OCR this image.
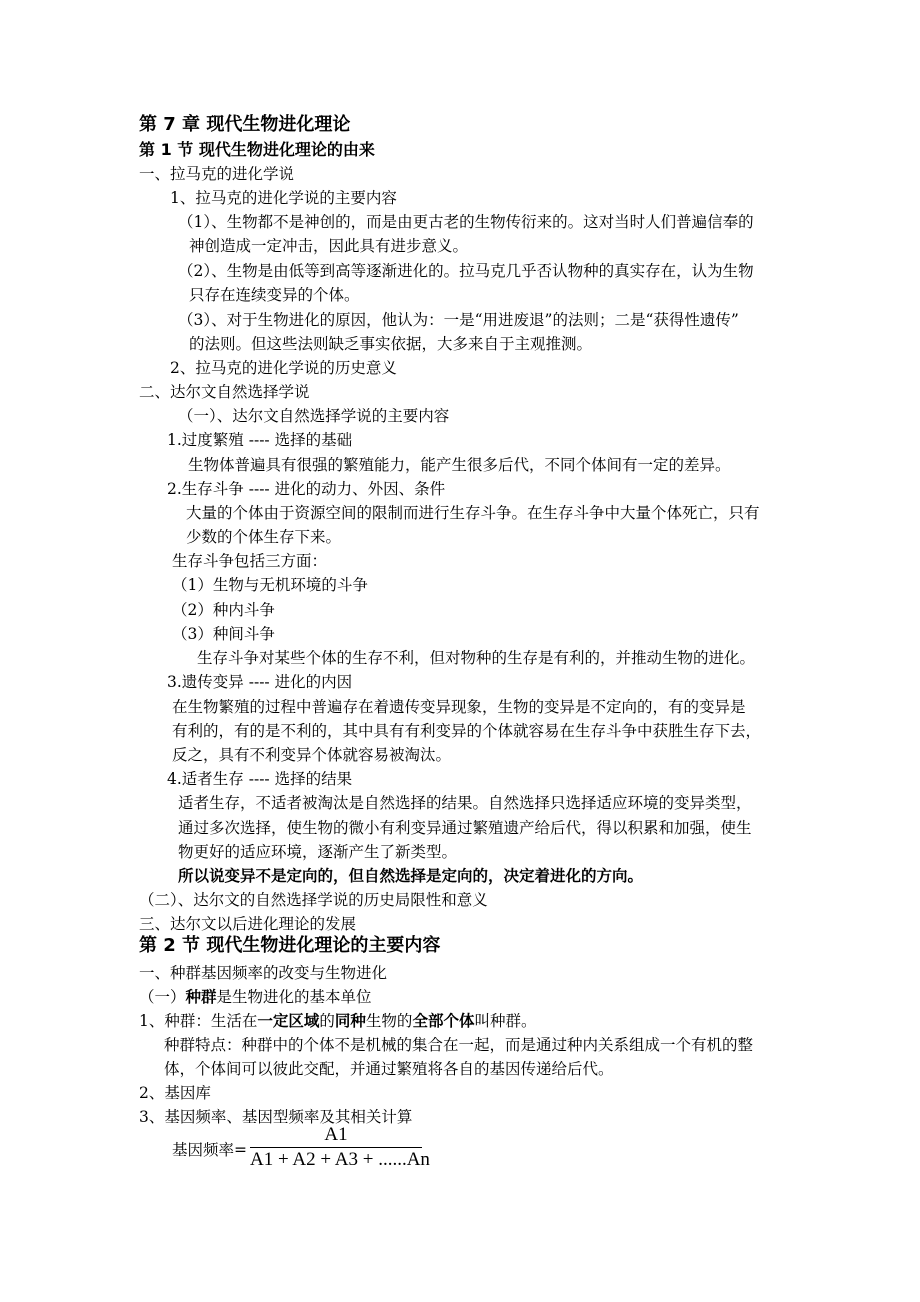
第 7 章 现代生物进化理论
第 1 节 现代生物进化理论的由来
一、拉马克的进化学说
1、拉马克的进化学说的主要内容
（1）、生物都不是神创的，而是由更古老的生物传衍来的。这对当时人们普遍信奉的
神创造成一定冲击，因此具有进步意义。
（2）、生物是由低等到高等逐渐进化的。拉马克几乎否认物种的真实存在，认为生物
只存在连续变异的个体。
（3）、对于生物进化的原因，他认为：一是“用进废退”的法则；二是“获得性遗传”
的法则。但这些法则缺乏事实依据，大多来自于主观推测。
2、拉马克的进化学说的历史意义
二、达尔文自然选择学说
（一）、达尔文自然选择学说的主要内容
1.过度繁殖 ---- 选择的基础
生物体普遍具有很强的繁殖能力，能产生很多后代，不同个体间有一定的差异。
2.生存斗争 ---- 进化的动力、外因、条件
大量的个体由于资源空间的限制而进行生存斗争。在生存斗争中大量个体死亡，只有
少数的个体生存下来。
生存斗争包括三方面：
（1）生物与无机环境的斗争
（2）种内斗争
（3）种间斗争
生存斗争对某些个体的生存不利，但对物种的生存是有利的，并推动生物的进化。
3.遗传变异 ---- 进化的内因
在生物繁殖的过程中普遍存在着遗传变异现象，生物的变异是不定向的，有的变异是
有利的，有的是不利的，其中具有有利变异的个体就容易在生存斗争中获胜生存下去，
反之，具有不利变异个体就容易被淘汰。
4.适者生存 ---- 选择的结果
适者生存，不适者被淘汰是自然选择的结果。自然选择只选择适应环境的变异类型，
通过多次选择，使生物的微小有利变异通过繁殖遗产给后代，得以积累和加强，使生
物更好的适应环境，逐渐产生了新类型。
所以说变异不是定向的，但自然选择是定向的，决定着进化的方向。
（二）、达尔文的自然选择学说的历史局限性和意义
三、达尔文以后进化理论的发展
第 2 节 现代生物进化理论的主要内容
一、种群基因频率的改变与生物进化
（一）种群是生物进化的基本单位
1、种群：生活在一定区域的同种生物的全部个体叫种群。
种群特点：种群中的个体不是机械的集合在一起，而是通过种内关系组成一个有机的整
体，个体间可以彼此交配，并通过繁殖将各自的基因传递给后代。
2、基因库
3、基因频率、基因型频率及其相关计算
基因频率=
A1
A1 + A2 + A3 + ......An
